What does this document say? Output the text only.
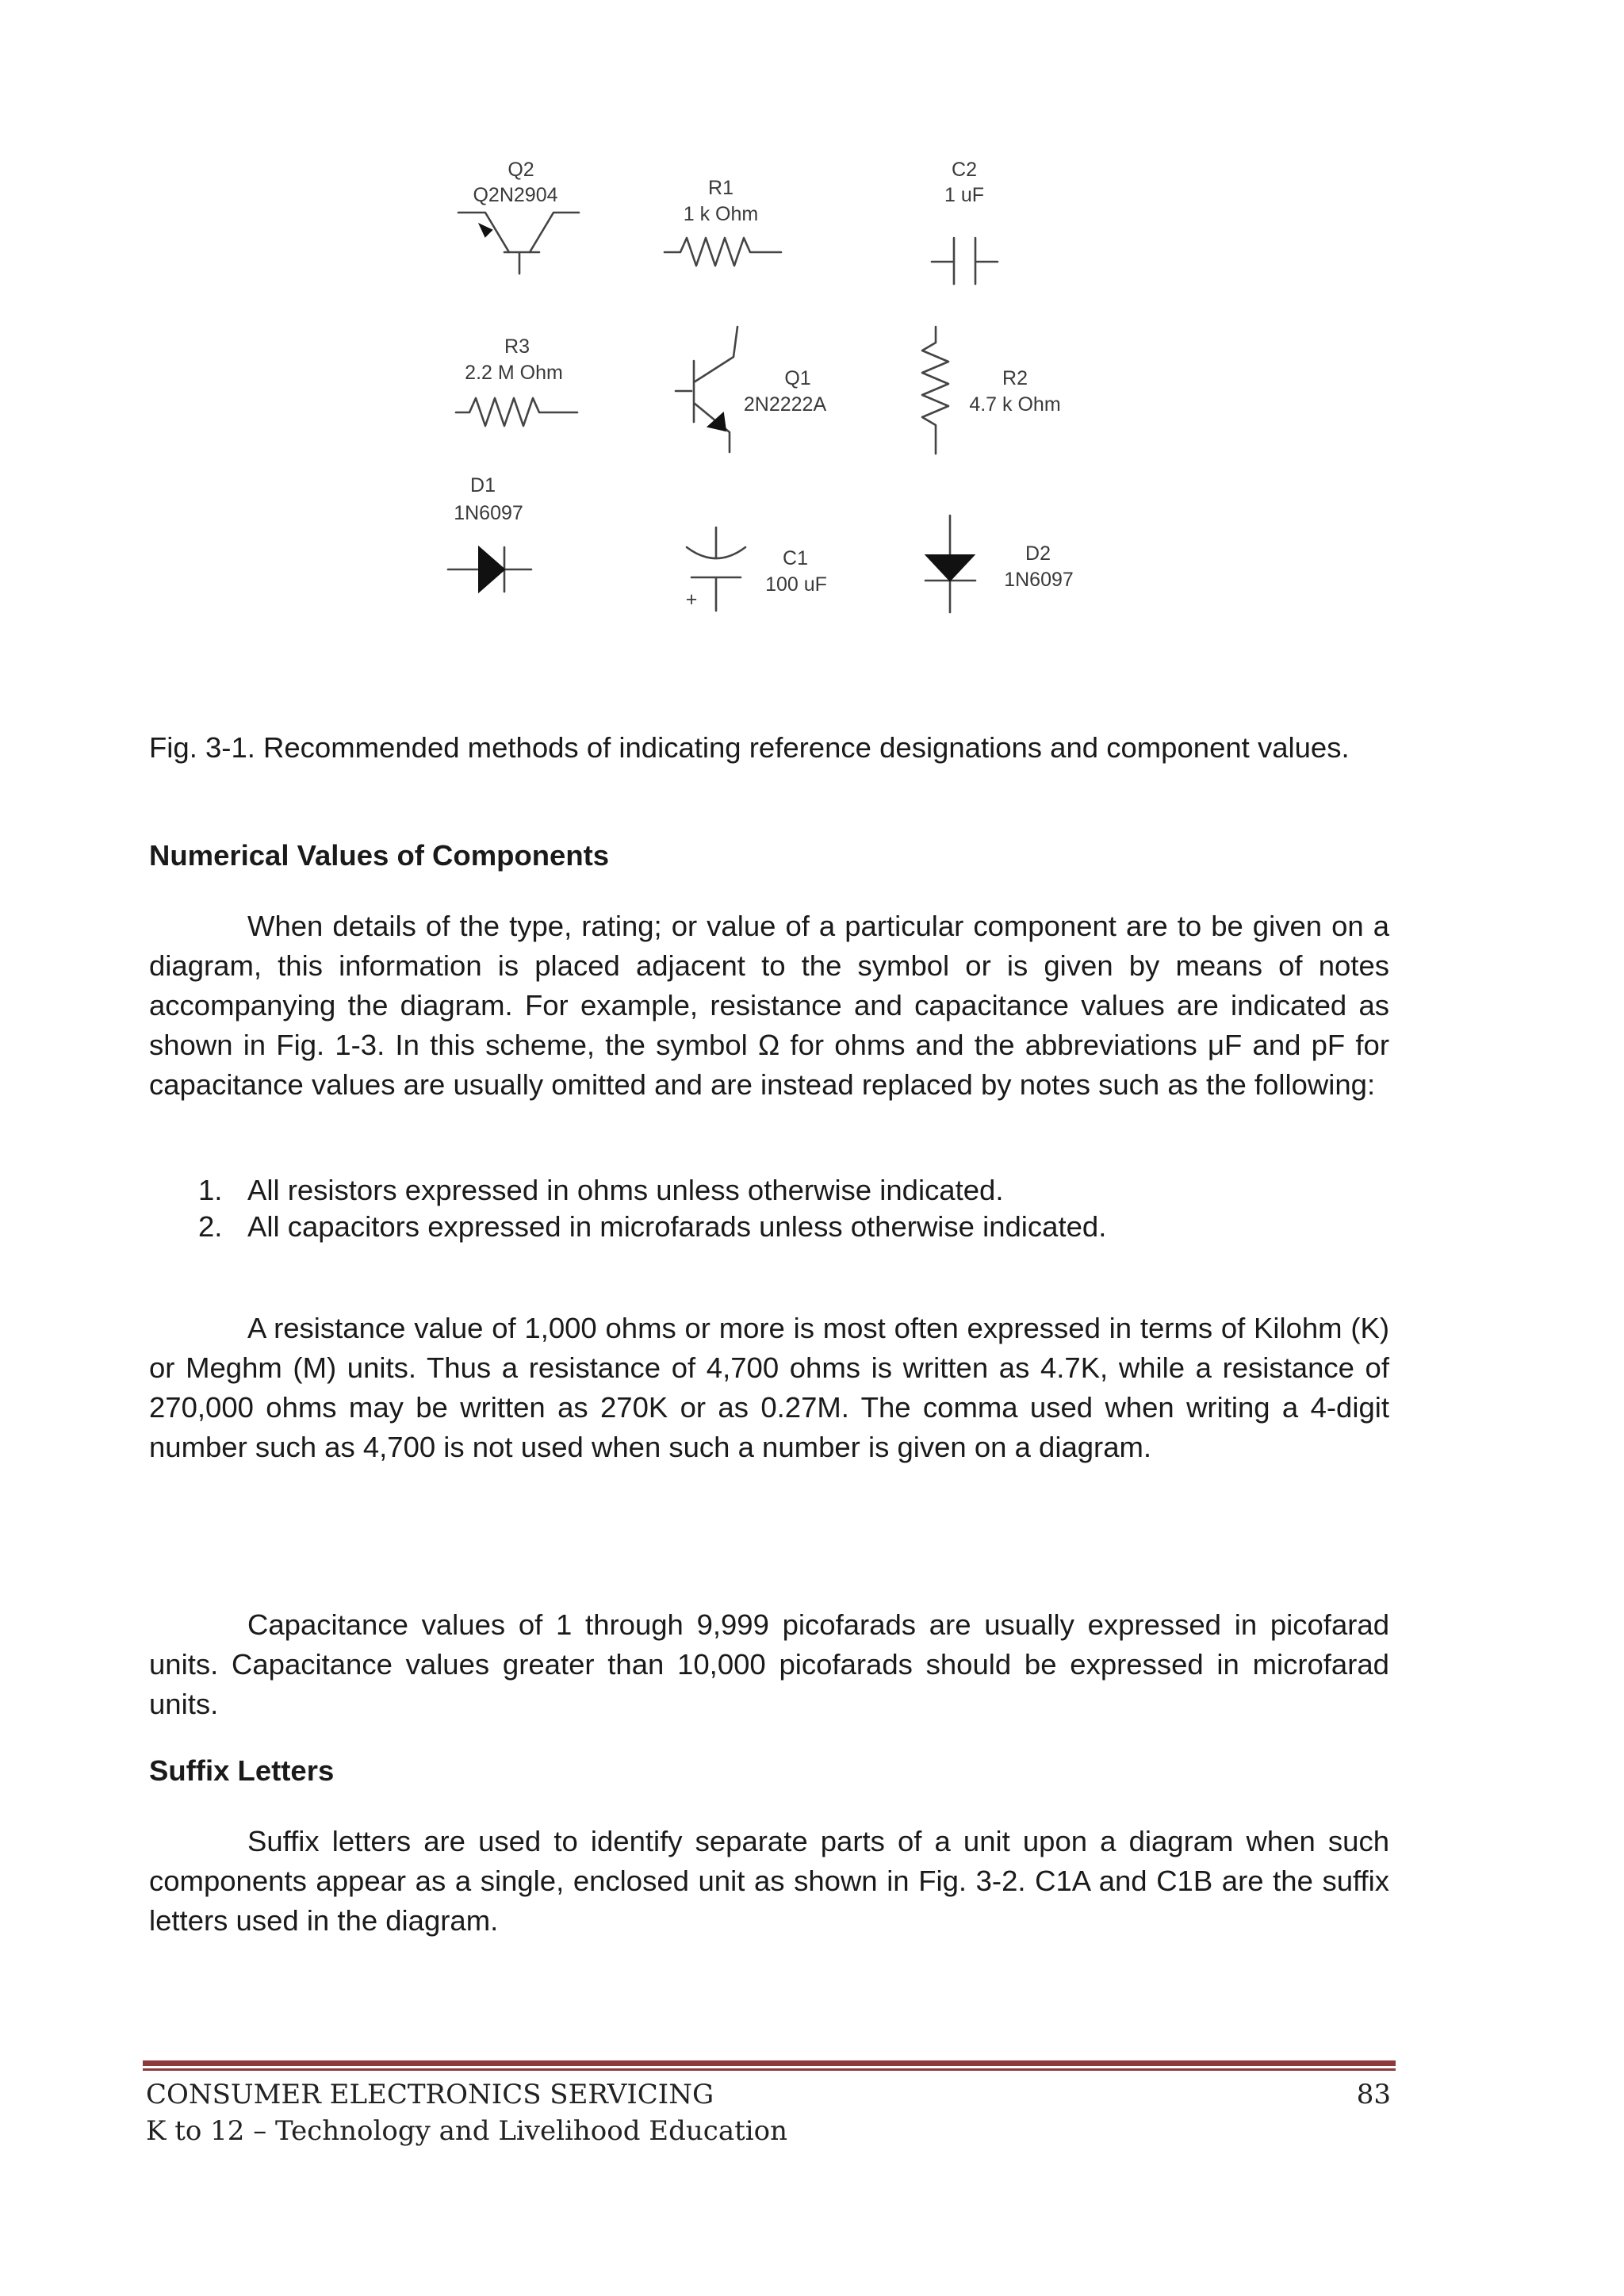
Q2
Q2N2904	R1
1 k Ohm
C2
1 uF
R3
2.2 M Ohm	Q1
2N2222A
R2
4.7 k Ohm
D1
1N6097
+
C1
100 uF
D2
1N6097

Fig. 3-1. Recommended methods of indicating reference designations and component values.

Numerical Values of Components

When details of the type, rating; or value of a particular component are to be given on a diagram, this information is placed adjacent to the symbol or is given by means of notes accompanying the diagram. For example, resistance and capacitance values are indicated as shown in Fig. 1-3. In this scheme, the symbol Ω for ohms and the abbreviations μF and pF for capacitance values are usually omitted and are instead replaced by notes such as the following:

1. All resistors expressed in ohms unless otherwise indicated.
2. All capacitors expressed in microfarads unless otherwise indicated.

A resistance value of 1,000 ohms or more is most often expressed in terms of Kilohm (K) or Meghm (M) units. Thus a resistance of 4,700 ohms is written as 4.7K, while a resistance of 270,000 ohms may be written as 270K or as 0.27M. The comma used when writing a 4-digit number such as 4,700 is not used when such a number is given on a diagram.

Capacitance values of 1 through 9,999 picofarads are usually expressed in picofarad units. Capacitance values greater than 10,000 picofarads should be expressed in microfarad units.

Suffix Letters

Suffix letters are used to identify separate parts of a unit upon a diagram when such components appear as a single, enclosed unit as shown in Fig. 3-2. C1A and C1B are the suffix letters used in the diagram.

CONSUMER ELECTRONICS SERVICING
K to 12 – Technology and Livelihood Education
83
